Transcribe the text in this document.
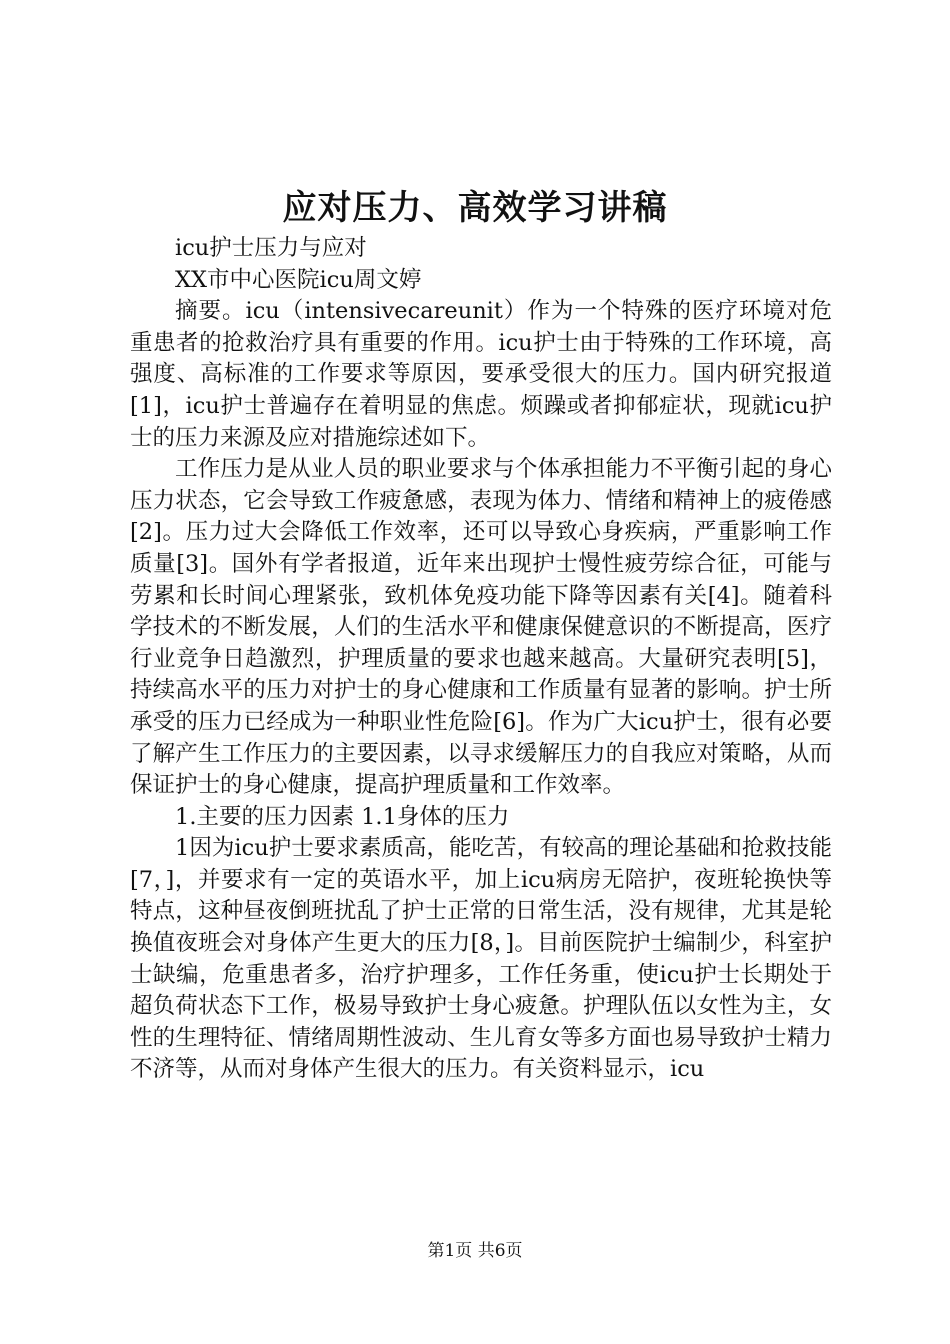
应对压力、高效学习讲稿

icu护士压力与应对

XX市中心医院icu周文婷

摘要。icu（intensivecareunit）作为一个特殊的医疗环境对危重患者的抢救治疗具有重要的作用。icu护士由于特殊的工作环境，高强度、高标准的工作要求等原因，要承受很大的压力。国内研究报道[1]，icu护士普遍存在着明显的焦虑。烦躁或者抑郁症状，现就icu护士的压力来源及应对措施综述如下。

工作压力是从业人员的职业要求与个体承担能力不平衡引起的身心压力状态，它会导致工作疲惫感，表现为体力、情绪和精神上的疲倦感[2]。压力过大会降低工作效率，还可以导致心身疾病，严重影响工作质量[3]。国外有学者报道，近年来出现护士慢性疲劳综合征，可能与劳累和长时间心理紧张，致机体免疫功能下降等因素有关[4]。随着科学技术的不断发展，人们的生活水平和健康保健意识的不断提高，医疗行业竞争日趋激烈，护理质量的要求也越来越高。大量研究表明[5]，持续高水平的压力对护士的身心健康和工作质量有显著的影响。护士所承受的压力已经成为一种职业性危险[6]。作为广大icu护士，很有必要了解产生工作压力的主要因素，以寻求缓解压力的自我应对策略，从而保证护士的身心健康，提高护理质量和工作效率。

1.主要的压力因素 1.1身体的压力

1因为icu护士要求素质高，能吃苦，有较高的理论基础和抢救技能[7，]，并要求有一定的英语水平，加上icu病房无陪护，夜班轮换快等特点，这种昼夜倒班扰乱了护士正常的日常生活，没有规律，尤其是轮换值夜班会对身体产生更大的压力[8，]。目前医院护士编制少，科室护士缺编，危重患者多，治疗护理多，工作任务重，使icu护士长期处于超负荷状态下工作，极易导致护士身心疲惫。护理队伍以女性为主，女性的生理特征、情绪周期性波动、生儿育女等多方面也易导致护士精力不济等，从而对身体产生很大的压力。有关资料显示，icu

第1页 共6页
